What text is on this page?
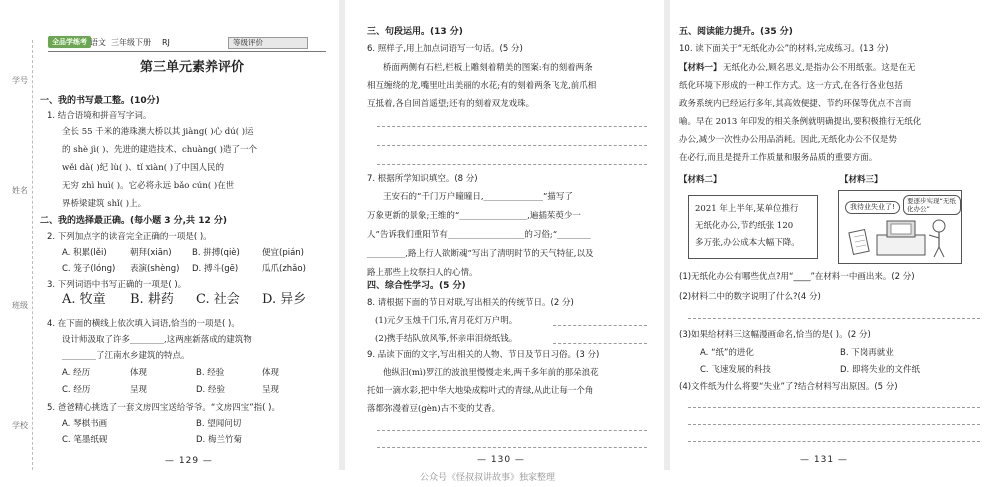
学号
姓名
班级
学校
全品学练考 语文 三年级下册 RJ	等级评价
第三单元素养评价
一、我的书写最工整。(10分)
1. 结合语境和拼音写字词。
全长 55 千米的港珠澳大桥以其 jiàng( )心 dú( )运
的 shè jì( )、先进的建造技术、chuàng( )造了一个
wěi dà( )纪 lù( )、tǐ xiàn( )了中国人民的
无穷 zhì huì( )。它必将永远 bǎo cún( )在世
界桥梁建筑 shǐ( )上。
二、我的选择最正确。(每小题 3 分,共 12 分)
2. 下列加点字的读音完全正确的一项是( )。
A. 积累(lěi)	朝拜(xiān) B. 拼搏(qiè)	便宜(pián)
C. 笼子(lóng) 表演(shèng) D. 搏斗(gē)	瓜爪(zhǎo)
3. 下列词语中书写正确的一项是( )。
A. 牧童 B. 耕药 C. 社会 D. 异乡
4. 在下面的横线上依次填入词语,恰当的一项是( )。
设计师汲取了许多________,这两座新落成的建筑物
________了江南水乡建筑的特点。
A. 经历	体现	B. 经验	体现
C. 经历	呈现	D. 经验	呈现
5. 爸爸精心挑选了一套文房四宝送给爷爷。“文房四宝”指( )。
A. 琴棋书画	B. 望闻问切
C. 笔墨纸砚	D. 梅兰竹菊
— 129 —
三、句段运用。(13 分)
6. 照样子,用上加点词语写一句话。(5 分)
桥面两侧有石栏,栏板上雕刻着精美的图案:有的刻着两条
相互缠绕的龙,嘴里吐出美丽的水花;有的刻着两条飞龙,前爪相
互抵着,各自回首遥望;还有的刻着双龙戏珠。
7. 根据所学知识填空。(8 分)
王安石的“千门万户曈曈日,______________”描写了
万象更新的景象;王维的“________________,遍插茱萸少一
人”告诉我们重阳节有__________________的习俗;“________
_________,路上行人欲断魂”写出了清明时节的天气特征,以及
路上那些上坟祭扫人的心情。
四、综合性学习。(5 分)
8. 请根据下面的节日对联,写出相关的传统节日。(2 分)
(1)元夕玉烛千门乐,宵月花灯万户明。
(2)携手结队放风筝,怀亲串泪烧纸钱。
9. 品读下面的文字,写出相关的人物、节日及节日习俗。(3 分)
他纵汨(mì)罗江的波浪里慢慢走来,两千多年前的那朵浪花
托如一滴水彩,把中华大地染成粽叶式的青绿,从此让每一个角
落都弥漫着豆(gèn)古不变的艾香。
— 130 —
五、阅读能力提升。(35 分)
10. 读下面关于“无纸化办公”的材料,完成练习。(13 分)
【材料一】 无纸化办公,顾名思义,是指办公不用纸张。这是在无
纸化环境下形成的一种工作方式。这一方式,在各行各业包括
政务系统内已经运行多年,其高效便捷、节约环保等优点不言而
喻。早在 2013 年印发的相关条例就明确提出,要积极推行无纸化
办公,减少一次性办公用品消耗。因此,无纸化办公不仅是势
在必行,而且是提升工作质量和服务品质的重要方面。
【材料二】	【材料三】
2021 年上半年,某单位推行
无纸化办公,节约纸张 120
多万张,办公成本大幅下降。
我待业失业了!
要逐步实现“无纸化办公”
(1)无纸化办公有哪些优点?用“____”在材料一中画出来。(2 分)
(2)材料二中的数字说明了什么?(4 分)
(3)如果给材料三这幅漫画命名,恰当的是( )。(2 分)
A. “纸”的进化	B. 下岗再就业
C. 飞速发展的科技	D. 即将失业的文件纸
(4)文件纸为什么将要“失业”了?结合材料写出原因。(5 分)
— 131 —
公众号《怪叔叔讲故事》独家整理
